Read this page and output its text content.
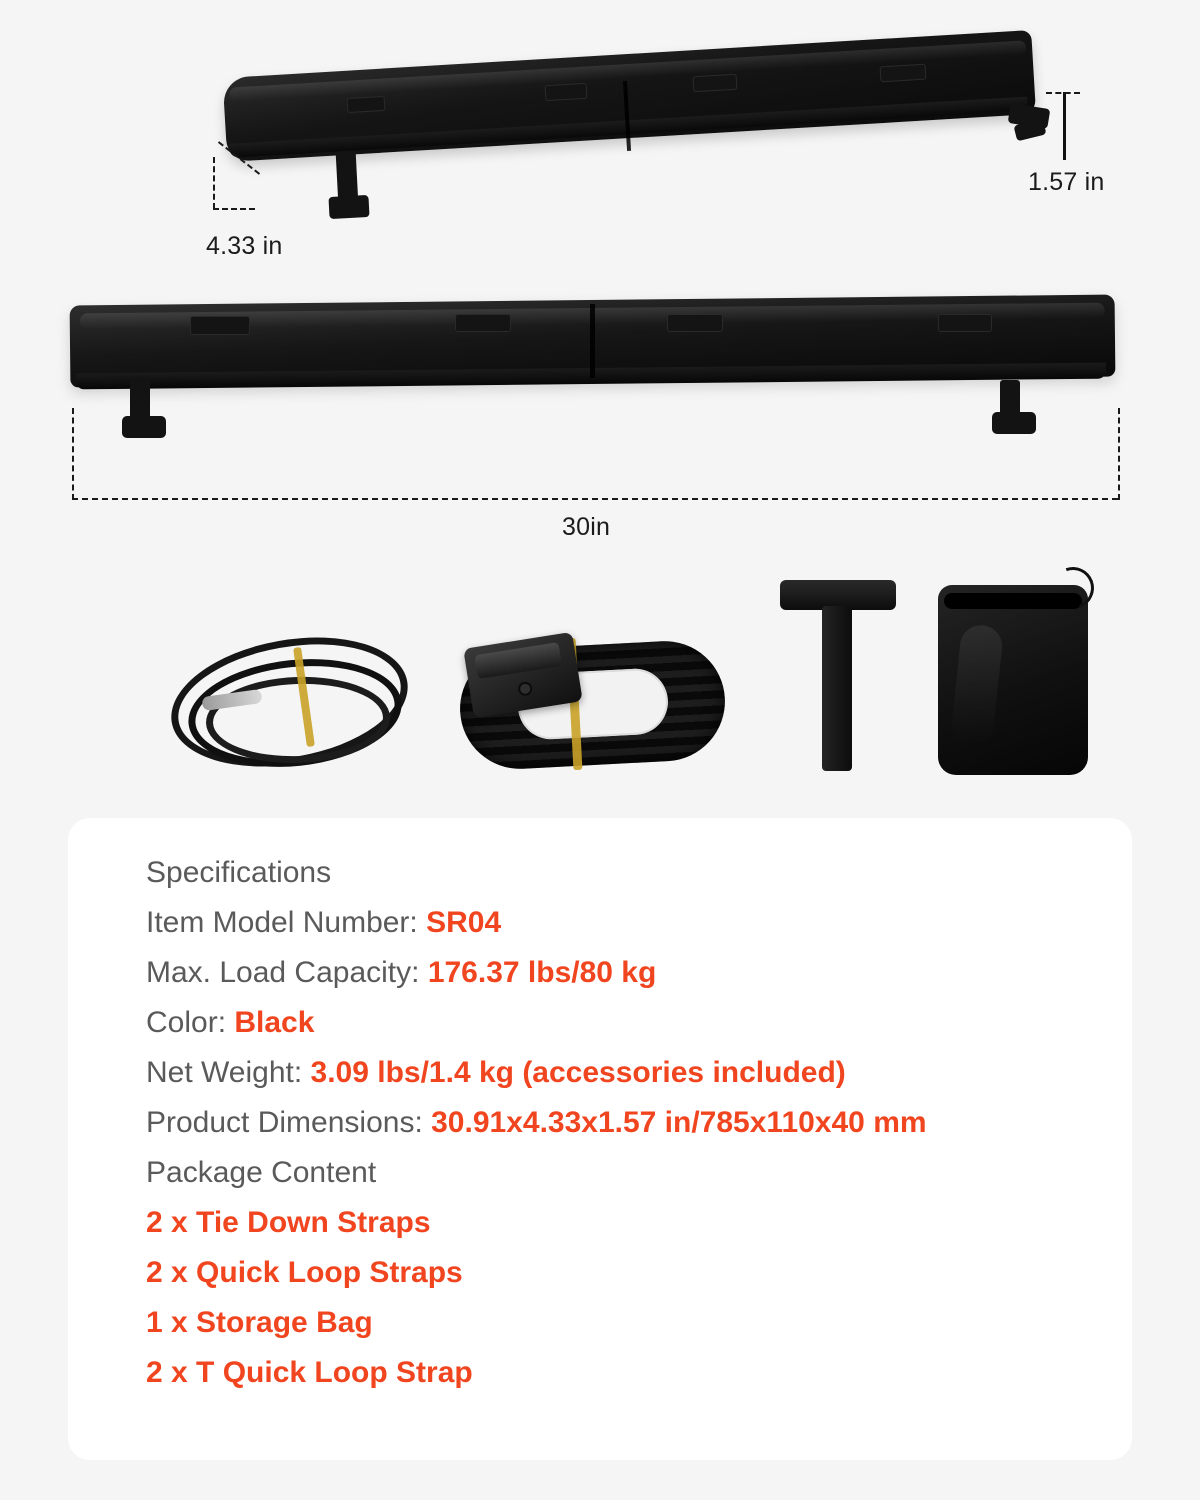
4.33 in
1.57 in
30in
Specifications
Item Model Number: SR04
Max. Load Capacity: 176.37 lbs/80 kg
Color: Black
Net Weight: 3.09 lbs/1.4 kg (accessories included)
Product Dimensions: 30.91x4.33x1.57 in/785x110x40 mm
Package Content
2 x Tie Down Straps
2 x Quick Loop Straps
1 x Storage Bag
2 x T Quick Loop Strap
